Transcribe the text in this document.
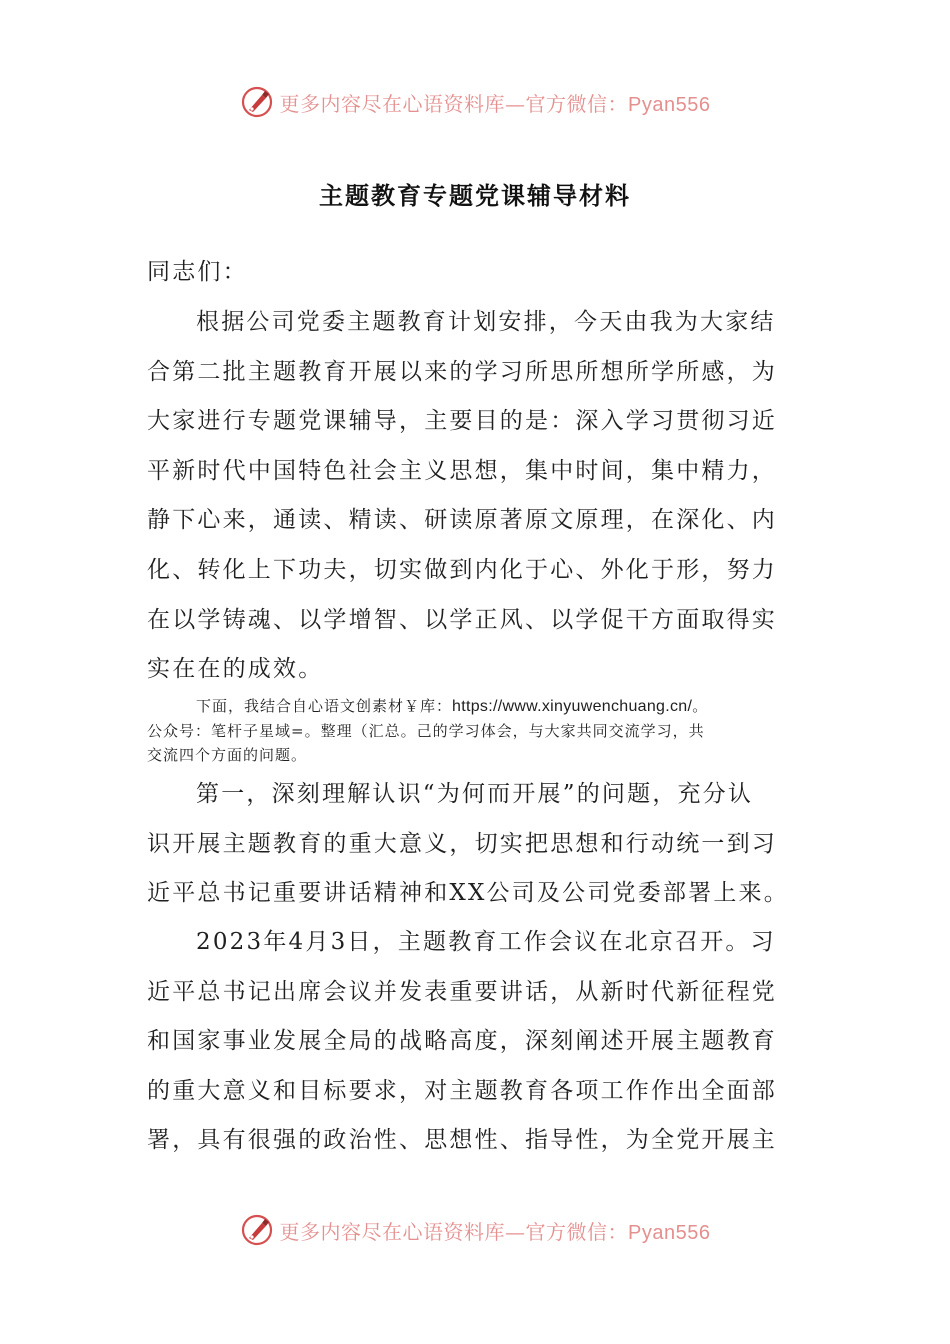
更多内容尽在心语资料库—官方微信：Pyan556
主题教育专题党课辅导材料
同志们：
根据公司党委主题教育计划安排，今天由我为大家结
合第二批主题教育开展以来的学习所思所想所学所感，为
大家进行专题党课辅导，主要目的是：深入学习贯彻习近
平新时代中国特色社会主义思想，集中时间，集中精力，
静下心来，通读、精读、研读原著原文原理，在深化、内
化、转化上下功夫，切实做到内化于心、外化于形，努力
在以学铸魂、以学增智、以学正风、以学促干方面取得实
实在在的成效。
下面，我结合自心语文创素材￥库：https://www.xinyuwenchuang.cn/。
公众号：笔杆子星域=。整理（汇总。己的学习体会，与大家共同交流学习，共
交流四个方面的问题。
第一，深刻理解认识“为何而开展”的问题，充分认
识开展主题教育的重大意义，切实把思想和行动统一到习
近平总书记重要讲话精神和XX公司及公司党委部署上来。
2023年4月3日，主题教育工作会议在北京召开。习
近平总书记出席会议并发表重要讲话，从新时代新征程党
和国家事业发展全局的战略高度，深刻阐述开展主题教育
的重大意义和目标要求，对主题教育各项工作作出全面部
署，具有很强的政治性、思想性、指导性，为全党开展主
更多内容尽在心语资料库—官方微信：Pyan556
